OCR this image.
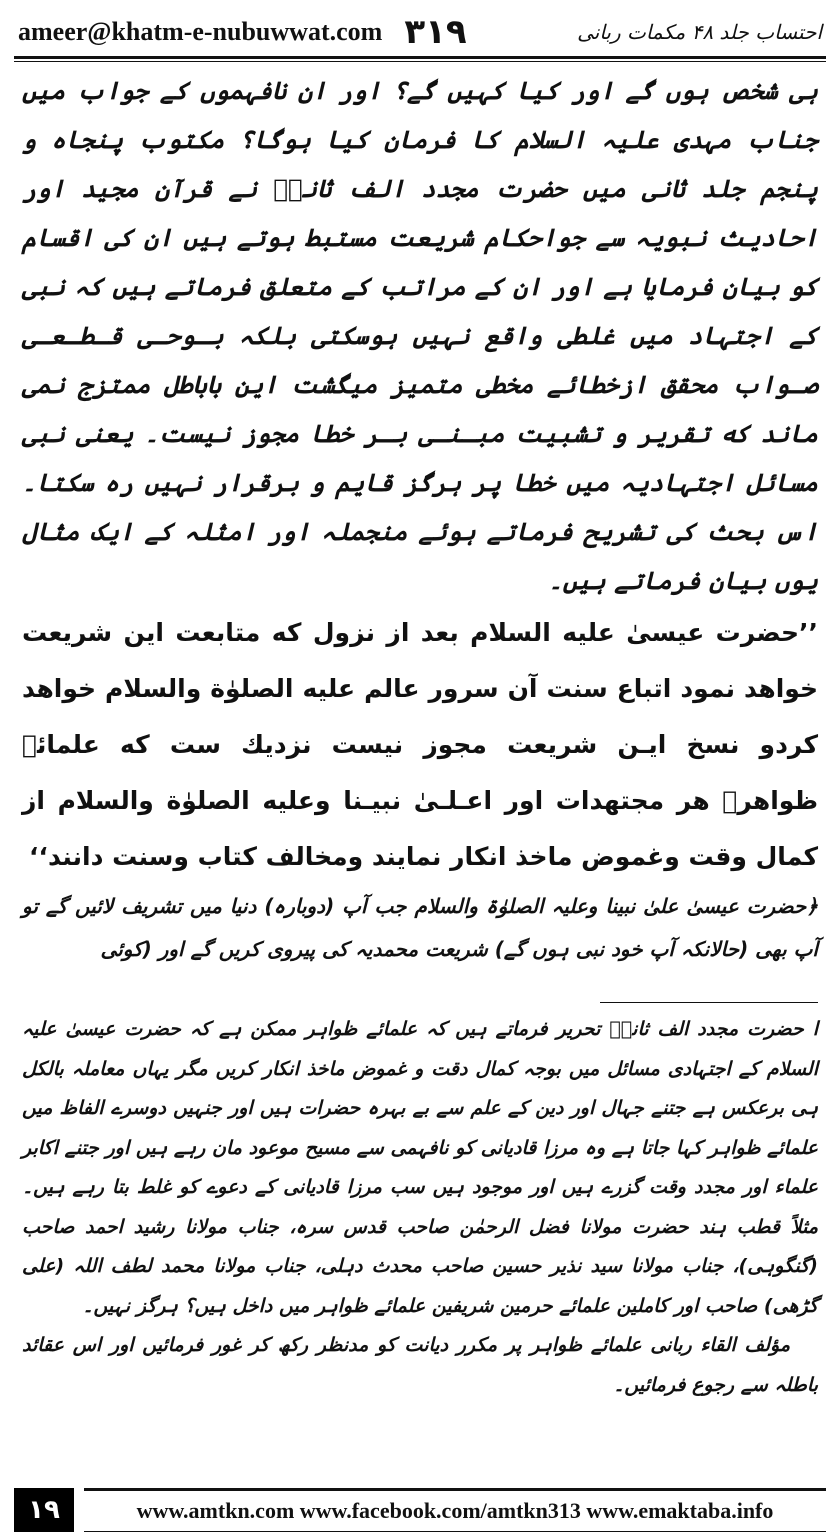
ameer@khatm-e-nubuwwat.com ۳۱۹	احتساب جلد ۴۸ مکمات ربانی

ہی شخص ہوں گے اور کیا کہیں گے؟ اور ان نافہموں کے جواب میں جناب مہدی علیہ السلام کا فرمان کیا ہوگا؟ مکتوب پنجاہ و پنجم جلد ثانی میں حضرت مجدد الف ثانیؒ نے قرآن مجید اور احادیث نبویہ سے جواحکام شریعت مستبط ہوتے ہیں ان کی اقسام کو بیان فرمایا ہے اور ان کے مراتب کے متعلق فرماتے ہیں کہ نبی کے اجتہاد میں غلطی واقع نہیں ہوسکتی بلکہ بـوحـی قـطـعـی صـواب محقق ازخطائے مخطی متمیز میگشت این باباطل ممتزج نمی ماند که تقریر و تشبیت مبـنـی بـر خطا مجوز نیست۔ یعنی نبی مسائل اجتہادیہ میں خطا پر ہرگز قایم و برقرار نہیں رہ سکتا۔ اس بحث کی تشریح فرماتے ہوئے منجملہ اور امثلہ کے ایک مثال یوں بیان فرماتے ہیں۔

’’حضرت عیسیٰ علیه السلام بعد از نزول که متابعت این شریعت خواهد نمود اتباع سنت آن سرور عالم علیه الصلوٰة والسلام خواهد کردو نسخ ایـن شریعت مجوز نیست نزدیك ست که علمائے ظواهرؔ هر مجتهدات اور اعـلـیٰ نبیـنا وعلیه الصلوٰة والسلام از کمال وقت وغموض ماخذ انکار نمایند ومخالف کتاب وسنت دانند‘‘

﴿حضرت عیسیٰ علیٰ نبینا وعلیہ الصلوٰۃ والسلام جب آپ (دوبارہ) دنیا میں تشریف لائیں گے تو آپ بھی (حالانکہ آپ خود نبی ہوں گے) شریعت محمدیہ کی پیروی کریں گے اور (کوئی

ا حضرت مجدد الف ثانیؒ تحریر فرماتے ہیں کہ علمائے ظواہر ممکن ہے کہ حضرت عیسیٰ علیہ السلام کے اجتہادی مسائل میں بوجہ کمال دقت و غموض ماخذ انکار کریں مگر یہاں معاملہ بالکل ہی برعکس ہے جتنے جہال اور دین کے علم سے بے بہرہ حضرات ہیں اور جنہیں دوسرے الفاظ میں علمائے ظواہر کہا جاتا ہے وہ مرزا قادیانی کو نافہمی سے مسیح موعود مان رہے ہیں اور جتنے اکابر علماء اور مجدد وقت گزرے ہیں اور موجود ہیں سب مرزا قادیانی کے دعوے کو غلط بتا رہے ہیں۔ مثلاً قطب ہند حضرت مولانا فضل الرحمٰن صاحب قدس سرہ، جناب مولانا رشید احمد صاحب (گنگوہی)، جناب مولانا سید نذیر حسین صاحب محدث دہلی، جناب مولانا محمد لطف اللہ (علی گڑھی) صاحب اور کاملین علمائے حرمین شریفین علمائے ظواہر میں داخل ہیں؟ ہرگز نہیں۔

مؤلف القاء ربانی علمائے ظواہر پر مکرر دیانت کو مدنظر رکھ کر غور فرمائیں اور اس عقائد باطلہ سے رجوع فرمائیں۔

۱۹	www.amtkn.com www.facebook.com/amtkn313 www.emaktaba.info
